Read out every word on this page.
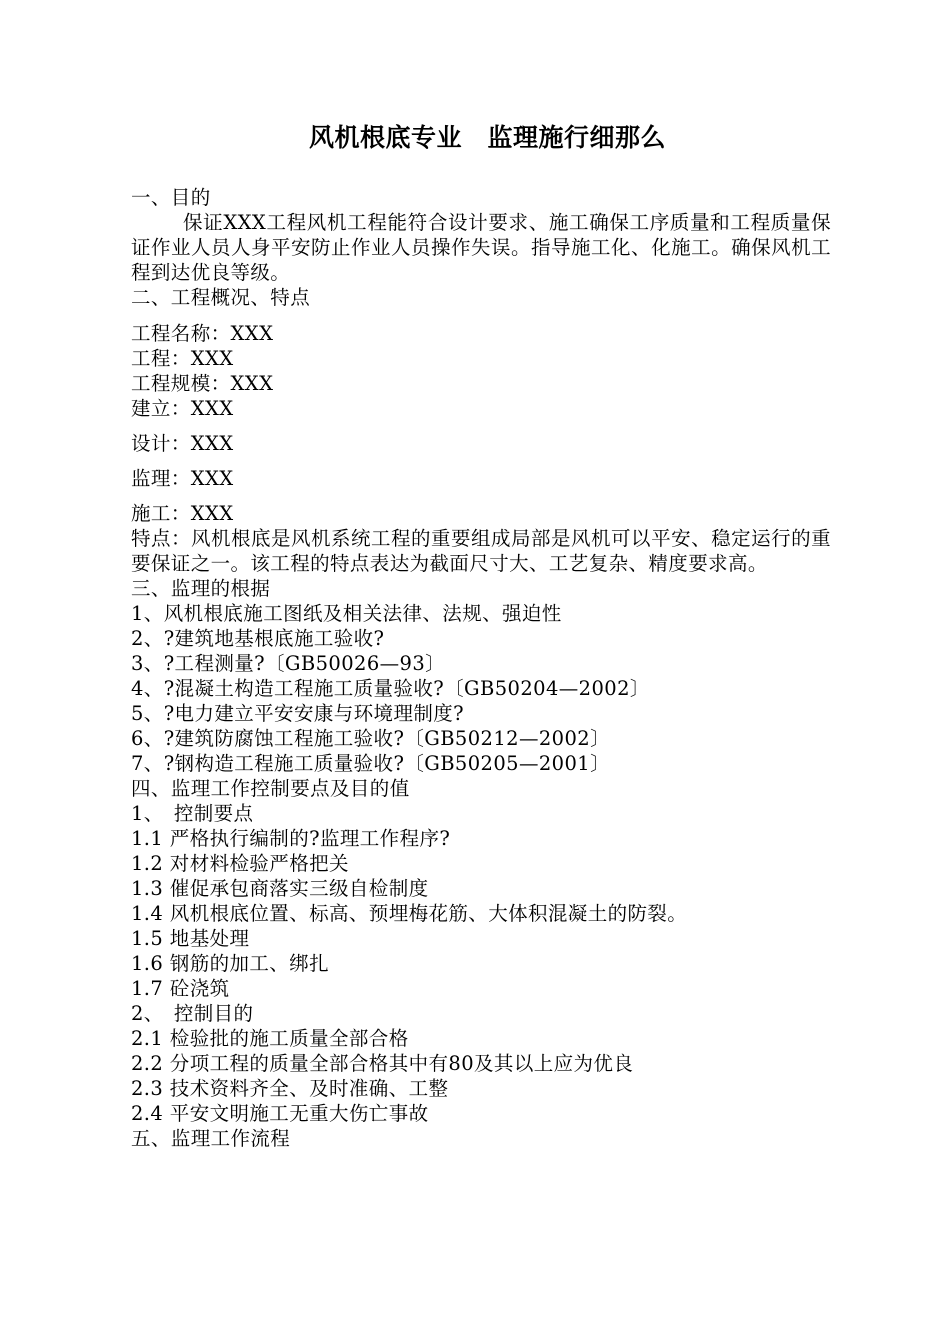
风机根底专业　监理施行细那么
一、目的
保证XXX工程风机工程能符合设计要求、施工确保工序质量和工程质量保证作业人员人身平安防止作业人员操作失误。指导施工化、化施工。确保风机工程到达优良等级。
二、工程概况、特点
工程名称：XXX
工程：XXX
工程规模：XXX
建立：XXX
设计：XXX
监理：XXX
施工：XXX
特点：风机根底是风机系统工程的重要组成局部是风机可以平安、稳定运行的重要保证之一。该工程的特点表达为截面尺寸大、工艺复杂、精度要求高。
三、监理的根据
1、风机根底施工图纸及相关法律、法规、强迫性
2、?建筑地基根底施工验收?
3、?工程测量?〔GB50026—93〕
4、?混凝土构造工程施工质量验收?〔GB50204—2002〕
5、?电力建立平安安康与环境理制度?
6、?建筑防腐蚀工程施工验收?〔GB50212—2002〕
7、?钢构造工程施工质量验收?〔GB50205—2001〕
四、监理工作控制要点及目的值
1、　控制要点
1.1 严格执行编制的?监理工作程序?
1.2 对材料检验严格把关
1.3 催促承包商落实三级自检制度
1.4 风机根底位置、标高、预埋梅花筋、大体积混凝土的防裂。
1.5 地基处理
1.6 钢筋的加工、绑扎
1.7 砼浇筑
2、　控制目的
2.1 检验批的施工质量全部合格
2.2 分项工程的质量全部合格其中有80及其以上应为优良
2.3 技术资料齐全、及时准确、工整
2.4 平安文明施工无重大伤亡事故
五、监理工作流程
